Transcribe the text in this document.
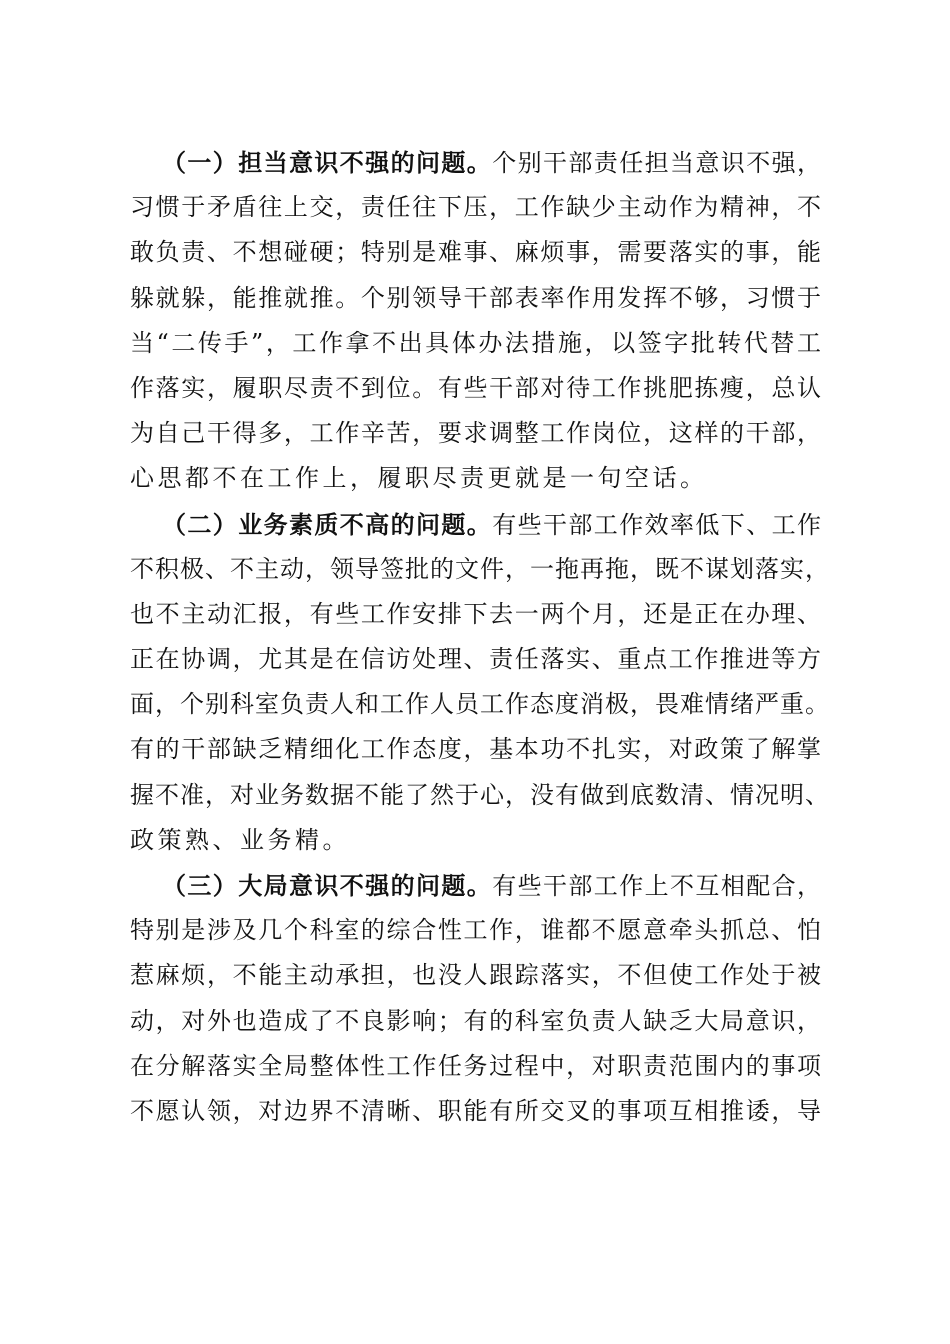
（一）担当意识不强的问题。个别干部责任担当意识不强，
习惯于矛盾往上交，责任往下压，工作缺少主动作为精神，不
敢负责、不想碰硬；特别是难事、麻烦事，需要落实的事，能
躲就躲，能推就推。个别领导干部表率作用发挥不够，习惯于
当“二传手”，工作拿不出具体办法措施，以签字批转代替工
作落实，履职尽责不到位。有些干部对待工作挑肥拣瘦，总认
为自己干得多，工作辛苦，要求调整工作岗位，这样的干部，
心思都不在工作上，履职尽责更就是一句空话。
（二）业务素质不高的问题。有些干部工作效率低下、工作
不积极、不主动，领导签批的文件，一拖再拖，既不谋划落实，
也不主动汇报，有些工作安排下去一两个月，还是正在办理、
正在协调，尤其是在信访处理、责任落实、重点工作推进等方
面，个别科室负责人和工作人员工作态度消极，畏难情绪严重。
有的干部缺乏精细化工作态度，基本功不扎实，对政策了解掌
握不准，对业务数据不能了然于心，没有做到底数清、情况明、
政策熟、业务精。
（三）大局意识不强的问题。有些干部工作上不互相配合，
特别是涉及几个科室的综合性工作，谁都不愿意牵头抓总、怕
惹麻烦，不能主动承担，也没人跟踪落实，不但使工作处于被
动，对外也造成了不良影响；有的科室负责人缺乏大局意识，
在分解落实全局整体性工作任务过程中，对职责范围内的事项
不愿认领，对边界不清晰、职能有所交叉的事项互相推诿，导
